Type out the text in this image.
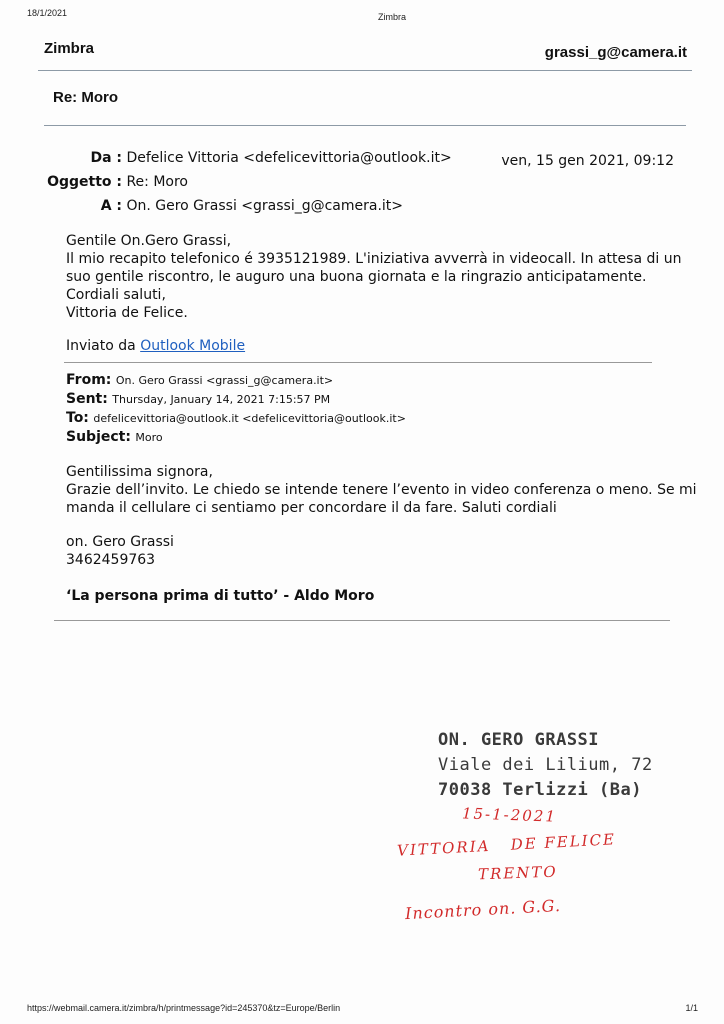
18/1/2021	Zimbra
Zimbra	grassi_g@camera.it
Re: Moro
Da : Defelice Vittoria <defelicevittoria@outlook.it>
Oggetto : Re: Moro
A : On. Gero Grassi <grassi_g@camera.it>
ven, 15 gen 2021, 09:12
Gentile On.Gero Grassi,
Il mio recapito telefonico é 3935121989. L'iniziativa avverrà in videocall. In attesa di un
suo gentile riscontro, le auguro una buona giornata e la ringrazio anticipatamente.
Cordiali saluti,
Vittoria de Felice.
Inviato da Outlook Mobile
From: On. Gero Grassi <grassi_g@camera.it>
Sent: Thursday, January 14, 2021 7:15:57 PM
To: defelicevittoria@outlook.it <defelicevittoria@outlook.it>
Subject: Moro
Gentilissima signora,
Grazie dell’invito. Le chiedo se intende tenere l’evento in video conferenza o meno. Se mi
manda il cellulare ci sentiamo per concordare il da fare. Saluti cordiali
on. Gero Grassi
3462459763
‘La persona prima di tutto’ - Aldo Moro
ON. GERO GRASSI
Viale dei Lilium, 72
70038 Terlizzi (Ba)
15-1-2021
VITTORIA   DE FELICE
TRENTO
Incontro on. G.G.
https://webmail.camera.it/zimbra/h/printmessage?id=245370&tz=Europe/Berlin	1/1
